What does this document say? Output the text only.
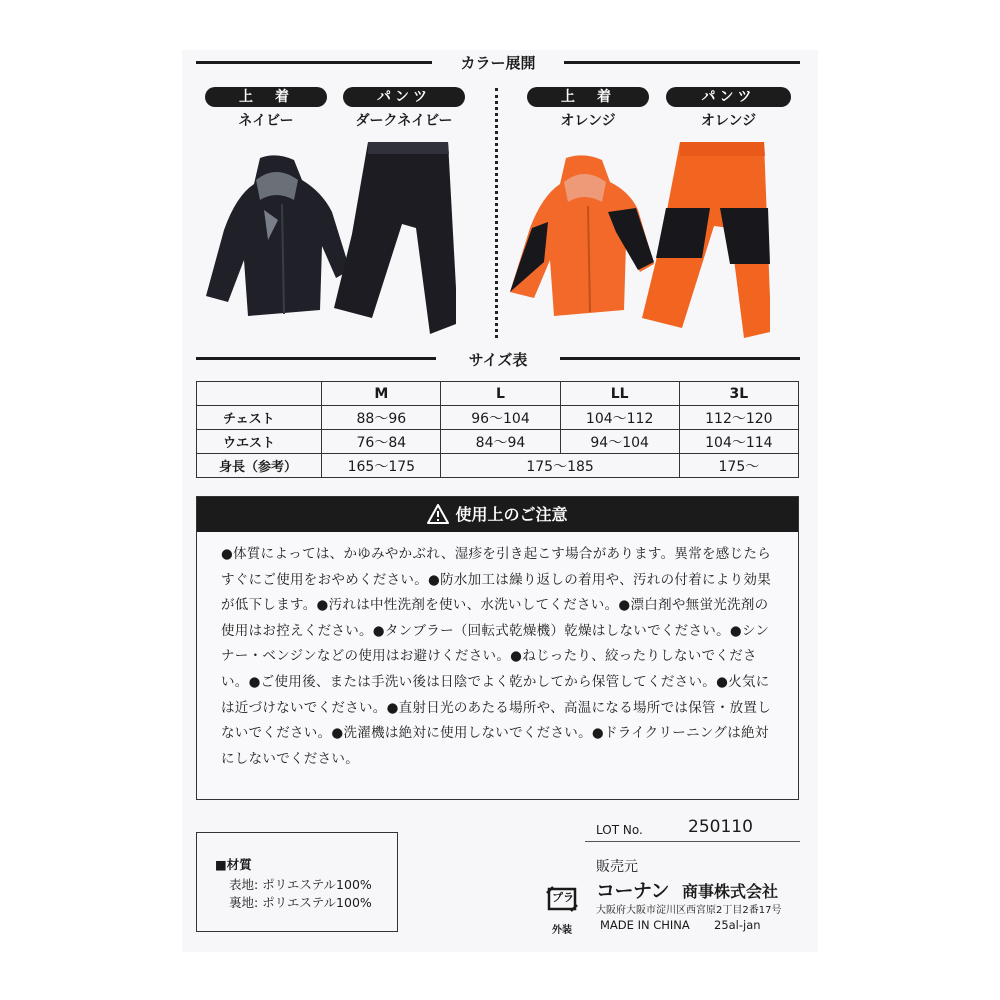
カラー展開
上　着
ネイビー
パンツ
ダークネイビー
上　着
オレンジ
パンツ
オレンジ
サイズ表
	M	L	LL	3L
チェスト	88〜96	96〜104	104〜112	112〜120
ウエスト	76〜84	84〜94	94〜104	104〜114
身長（参考）	165〜175	175〜185		175〜
使用上のご注意
●体質によっては、かゆみやかぶれ、湿疹を引き起こす場合があります。異常を感じたらすぐにご使用をおやめください。●防水加工は繰り返しの着用や、汚れの付着により効果が低下します。●汚れは中性洗剤を使い、水洗いしてください。●漂白剤や無蛍光洗剤の使用はお控えください。●タンブラー（回転式乾燥機）乾燥はしないでください。●シンナー・ベンジンなどの使用はお避けください。●ねじったり、絞ったりしないでください。●ご使用後、または手洗い後は日陰でよく乾かしてから保管してください。●火気には近づけないでください。●直射日光のあたる場所や、高温になる場所では保管・放置しないでください。●洗濯機は絶対に使用しないでください。●ドライクリーニングは絶対にしないでください。
■材質
表地: ポリエステル100%
裏地: ポリエステル100%
LOT No.	250110
販売元
コーナン 商事株式会社
大阪府大阪市淀川区西宮原2丁目2番17号
MADE IN CHINA 25al-jan
プラ
外装
